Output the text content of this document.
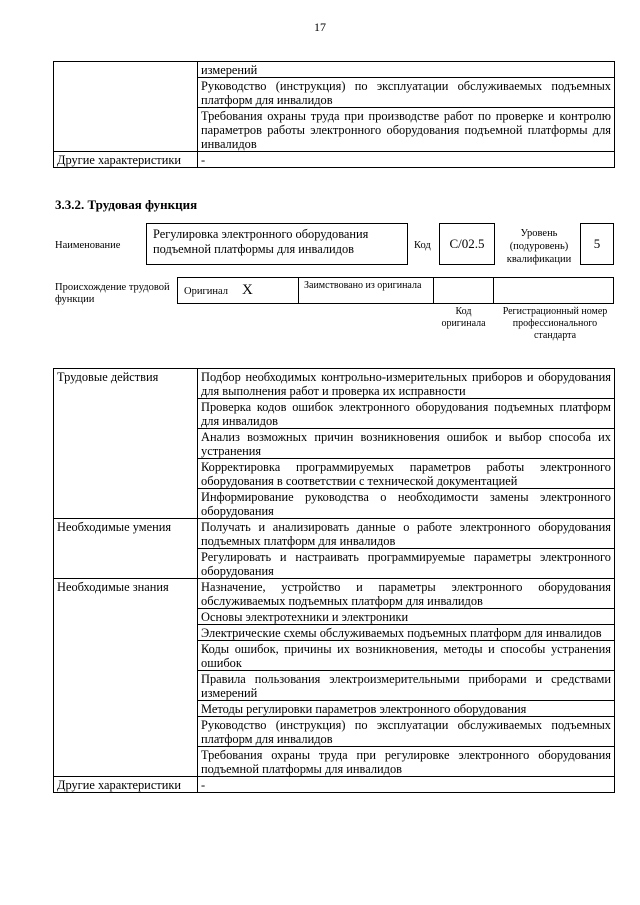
17
	измерений
	Руководство (инструкция) по эксплуатации обслуживаемых подъемных платформ для инвалидов
	Требования охраны труда при производстве работ по проверке и контролю параметров работы электронного оборудования подъемной платформы для инвалидов
Другие характеристики	-
3.3.2. Трудовая функция
Наименование
Регулировка электронного оборудования подъемной платформы для инвалидов	Код	C/02.5
Уровень (подуровень) квалификации
5
Происхождение трудовой функции
Оригинал X	Заимствовано из оригинала
Код оригинала
Регистрационный номер профессионального стандарта
Трудовые действия	Подбор необходимых контрольно-измерительных приборов и оборудования для выполнения работ и проверка их исправности
	Проверка кодов ошибок электронного оборудования подъемных платформ для инвалидов
	Анализ возможных причин возникновения ошибок и выбор способа их устранения
	Корректировка программируемых параметров работы электронного оборудования в соответствии с технической документацией
	Информирование руководства о необходимости замены электронного оборудования
Необходимые умения	Получать и анализировать данные о работе электронного оборудования подъемных платформ для инвалидов
	Регулировать и настраивать программируемые параметры электронного оборудования
Необходимые знания	Назначение, устройство и параметры электронного оборудования обслуживаемых подъемных платформ для инвалидов
	Основы электротехники и электроники
	Электрические схемы обслуживаемых подъемных платформ для инвалидов
	Коды ошибок, причины их возникновения, методы и способы устранения ошибок
	Правила пользования электроизмерительными приборами и средствами измерений
	Методы регулировки параметров электронного оборудования
	Руководство (инструкция) по эксплуатации обслуживаемых подъемных платформ для инвалидов
	Требования охраны труда при регулировке электронного оборудования подъемной платформы для инвалидов
Другие характеристики	-
